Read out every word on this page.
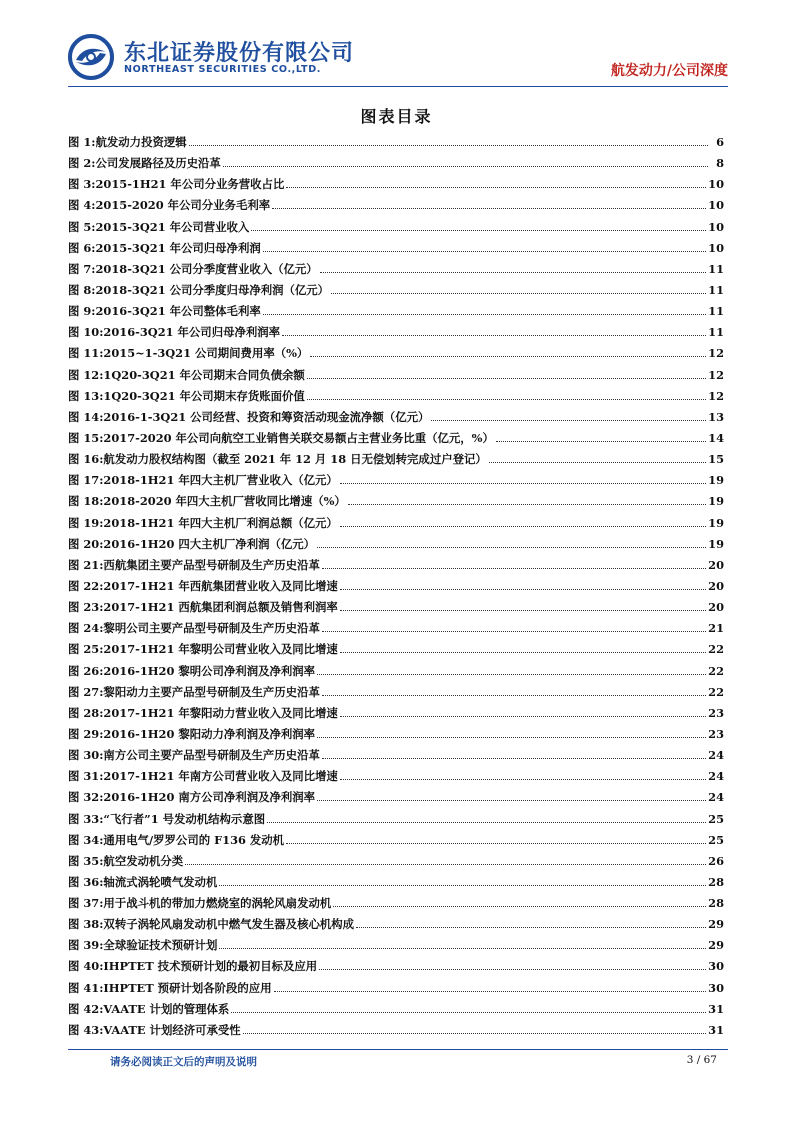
东北证券股份有限公司
NORTHEAST SECURITIES CO.,LTD.	航发动力/公司深度
图表目录
图 1: 航发动力投资逻辑	6
图 2: 公司发展路径及历史沿革	8
图 3: 2015-1H21 年公司分业务营收占比	10
图 4: 2015-2020 年公司分业务毛利率	10
图 5: 2015-3Q21 年公司营业收入	10
图 6: 2015-3Q21 年公司归母净利润	10
图 7: 2018-3Q21 公司分季度营业收入（亿元）	11
图 8: 2018-3Q21 公司分季度归母净利润（亿元）	11
图 9: 2016-3Q21 年公司整体毛利率	11
图 10: 2016-3Q21 年公司归母净利润率	11
图 11: 2015~1-3Q21 公司期间费用率（%）	12
图 12: 1Q20-3Q21 年公司期末合同负债余额	12
图 13: 1Q20-3Q21 年公司期末存货账面价值	12
图 14: 2016-1-3Q21 公司经营、投资和筹资活动现金流净额（亿元）	13
图 15: 2017-2020 年公司向航空工业销售关联交易额占主营业务比重（亿元，%）	14
图 16: 航发动力股权结构图（截至 2021 年 12 月 18 日无偿划转完成过户登记）	15
图 17: 2018-1H21 年四大主机厂营业收入（亿元）	19
图 18: 2018-2020 年四大主机厂营收同比增速（%）	19
图 19: 2018-1H21 年四大主机厂利润总额（亿元）	19
图 20: 2016-1H20 四大主机厂净利润（亿元）	19
图 21: 西航集团主要产品型号研制及生产历史沿革	20
图 22: 2017-1H21 年西航集团营业收入及同比增速	20
图 23: 2017-1H21 西航集团利润总额及销售利润率	20
图 24: 黎明公司主要产品型号研制及生产历史沿革	21
图 25: 2017-1H21 年黎明公司营业收入及同比增速	22
图 26: 2016-1H20 黎明公司净利润及净利润率	22
图 27: 黎阳动力主要产品型号研制及生产历史沿革	22
图 28: 2017-1H21 年黎阳动力营业收入及同比增速	23
图 29: 2016-1H20 黎阳动力净利润及净利润率	23
图 30: 南方公司主要产品型号研制及生产历史沿革	24
图 31: 2017-1H21 年南方公司营业收入及同比增速	24
图 32: 2016-1H20 南方公司净利润及净利润率	24
图 33: “飞行者”1 号发动机结构示意图	25
图 34: 通用电气/罗罗公司的 F136 发动机	25
图 35: 航空发动机分类	26
图 36: 轴流式涡轮喷气发动机	28
图 37: 用于战斗机的带加力燃烧室的涡轮风扇发动机	28
图 38: 双转子涡轮风扇发动机中燃气发生器及核心机构成	29
图 39: 全球验证技术预研计划	29
图 40: IHPTET 技术预研计划的最初目标及应用	30
图 41: IHPTET 预研计划各阶段的应用	30
图 42: VAATE 计划的管理体系	31
图 43: VAATE 计划经济可承受性	31
请务必阅读正文后的声明及说明	3 / 67
